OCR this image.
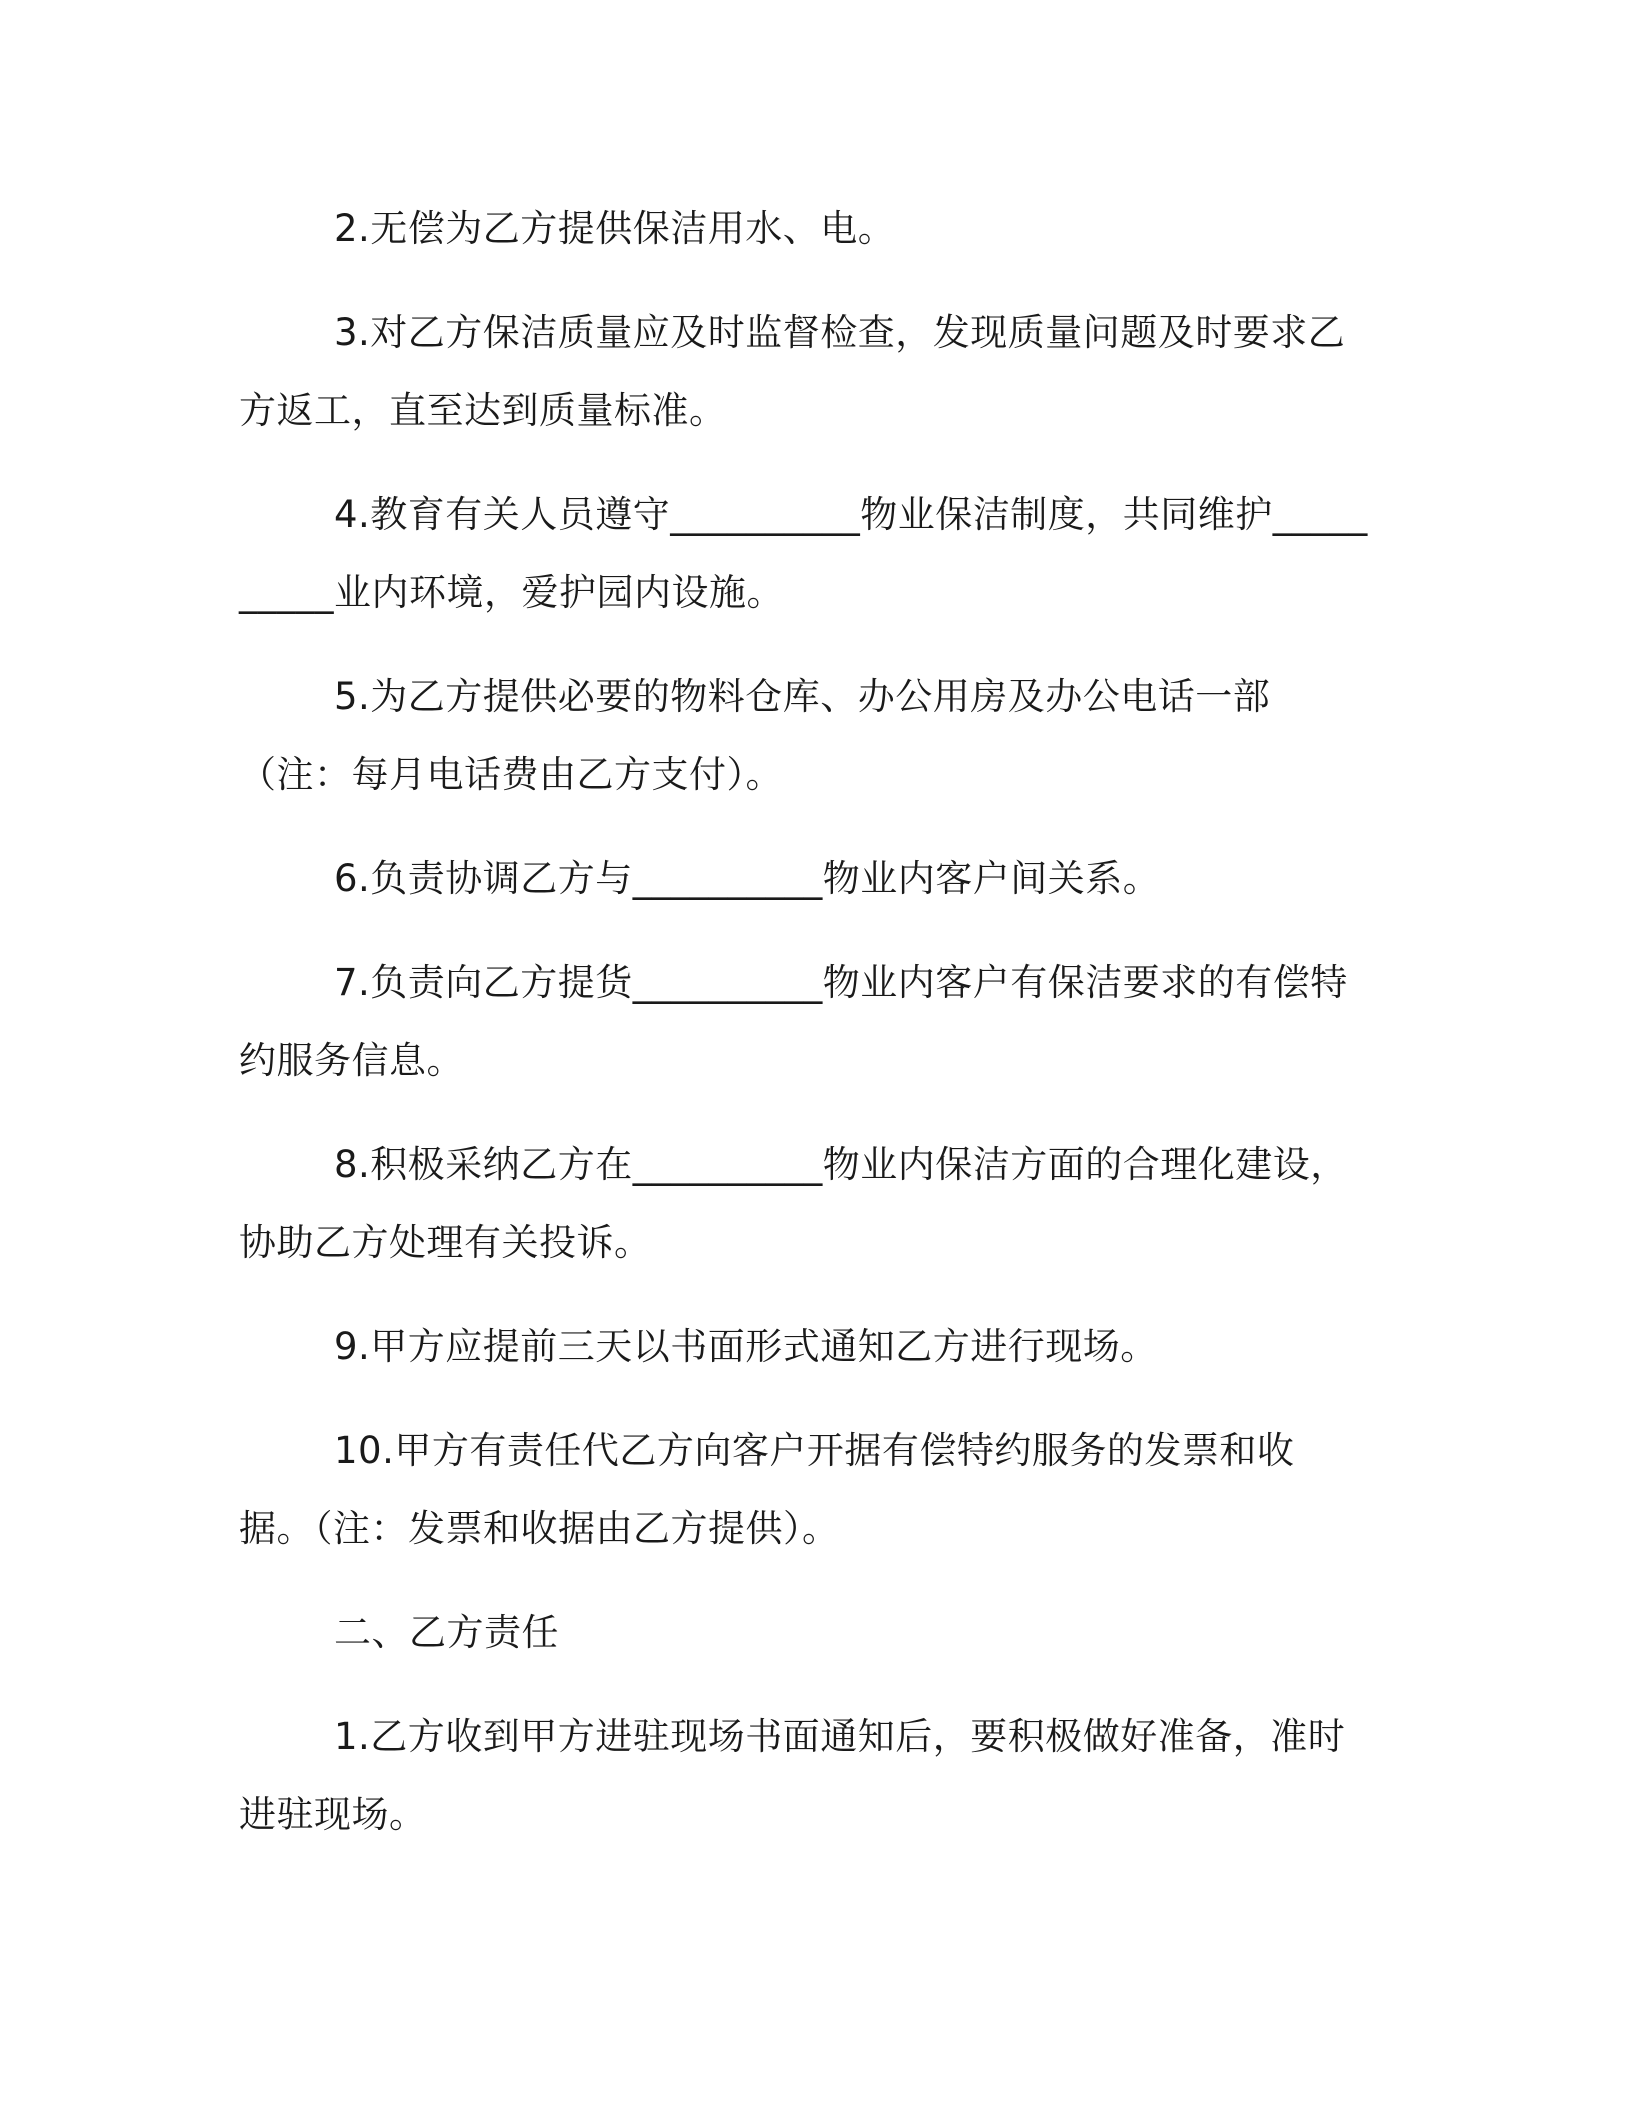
2.无偿为乙方提供保洁用水、电。

3.对乙方保洁质量应及时监督检查，发现质量问题及时要求乙方返工，直至达到质量标准。

4.教育有关人员遵守__________物业保洁制度，共同维护__________业内环境，爱护园内设施。

5.为乙方提供必要的物料仓库、办公用房及办公电话一部（注：每月电话费由乙方支付）。

6.负责协调乙方与__________物业内客户间关系。

7.负责向乙方提货__________物业内客户有保洁要求的有偿特约服务信息。

8.积极采纳乙方在__________物业内保洁方面的合理化建设，协助乙方处理有关投诉。

9.甲方应提前三天以书面形式通知乙方进行现场。

10.甲方有责任代乙方向客户开据有偿特约服务的发票和收据。（注：发票和收据由乙方提供）。

二、乙方责任

1.乙方收到甲方进驻现场书面通知后，要积极做好准备，准时进驻现场。
